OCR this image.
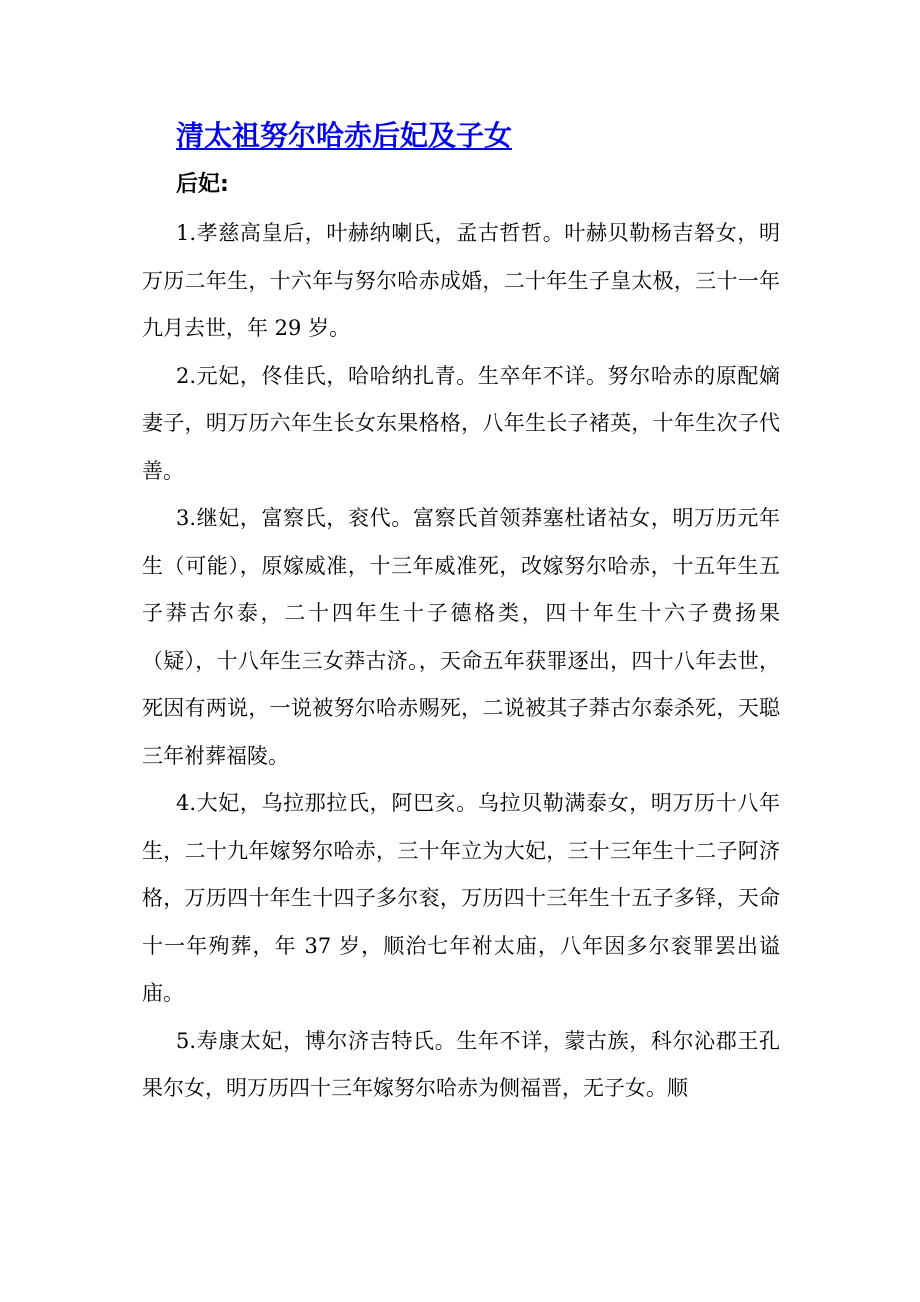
清太祖努尔哈赤后妃及子女
后妃:

1.孝慈高皇后，叶赫纳喇氏，孟古哲哲。叶赫贝勒杨吉砮女，明万历二年生，十六年与努尔哈赤成婚，二十年生子皇太极，三十一年九月去世，年 29 岁。

2.元妃，佟佳氏，哈哈纳扎青。生卒年不详。努尔哈赤的原配嫡妻子，明万历六年生长女东果格格，八年生长子褚英，十年生次子代善。

3.继妃，富察氏，衮代。富察氏首领莽塞杜诸祜女，明万历元年生（可能），原嫁威准，十三年威准死，改嫁努尔哈赤，十五年生五子莽古尔泰，二十四年生十子德格类，四十年生十六子费扬果（疑），十八年生三女莽古济。，天命五年获罪逐出，四十八年去世，死因有两说，一说被努尔哈赤赐死，二说被其子莽古尔泰杀死，天聪三年祔葬福陵。

4.大妃，乌拉那拉氏，阿巴亥。乌拉贝勒满泰女，明万历十八年生，二十九年嫁努尔哈赤，三十年立为大妃，三十三年生十二子阿济格，万历四十年生十四子多尔衮，万历四十三年生十五子多铎，天命十一年殉葬，年 37 岁，顺治七年祔太庙，八年因多尔衮罪罢出谥庙。

5.寿康太妃，博尔济吉特氏。生年不详，蒙古族，科尔沁郡王孔果尔女，明万历四十三年嫁努尔哈赤为侧福晋，无子女。顺
